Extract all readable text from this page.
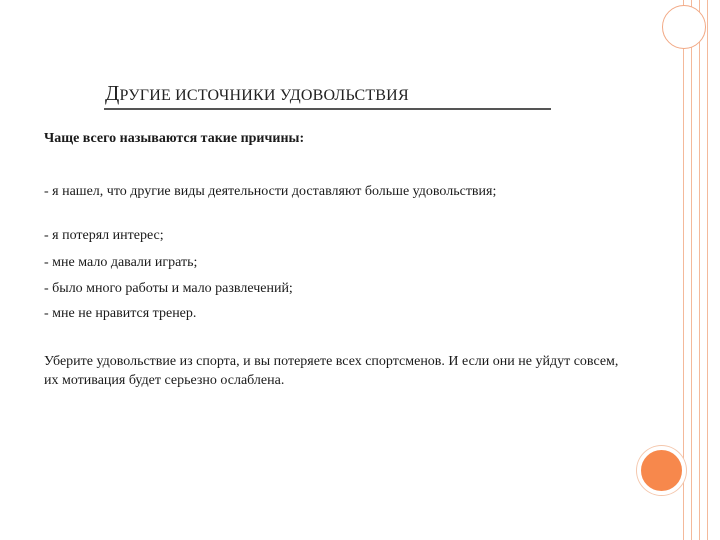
ДРУГИЕ ИСТОЧНИКИ УДОВОЛЬСТВИЯ
Чаще всего называются такие причины:
- я нашел, что другие виды деятельности доставляют больше удовольствия;
- я потерял интерес;
- мне мало давали играть;
- было много работы и мало развлечений;
- мне не нравится тренер.
Уберите удовольствие из спорта, и вы потеряете всех спортсменов. И если они не уйдут совсем, их мотивация будет серьезно ослаблена.
